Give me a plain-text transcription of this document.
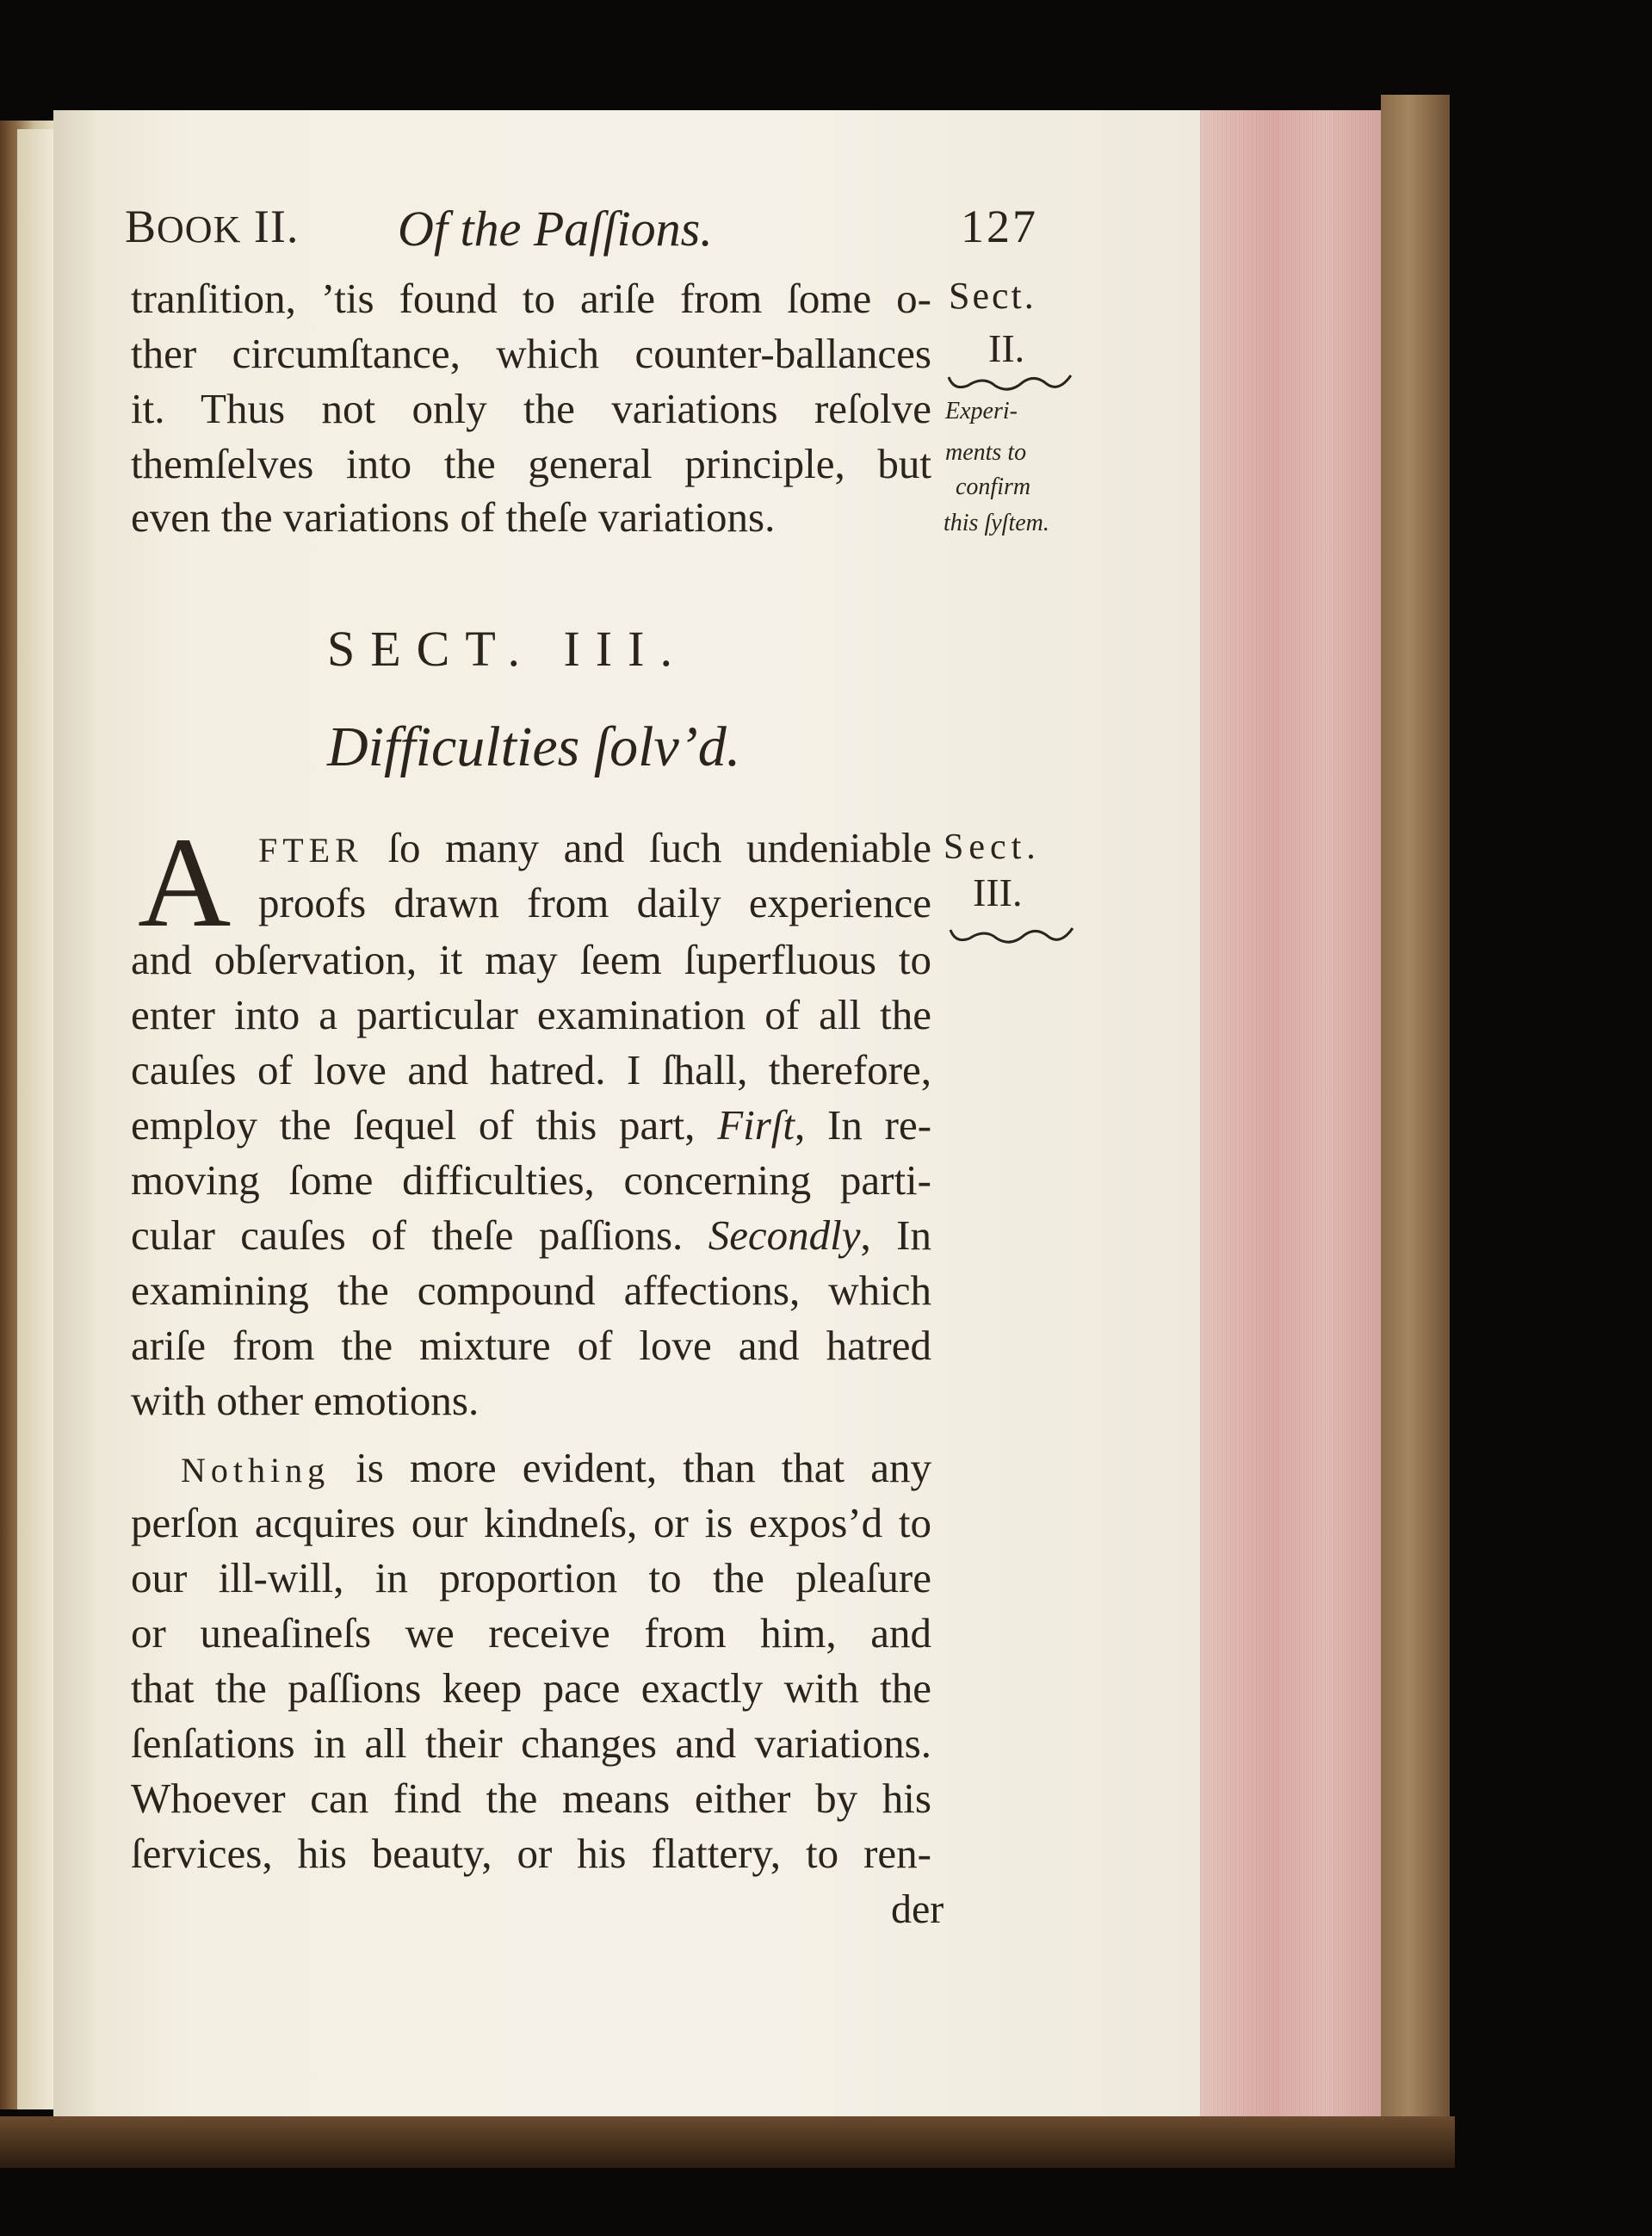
BOOK II. Of the Paſſions.	127
tranſition, ’tis found to ariſe from ſome o-
ther circumſtance, which counter-ballances
it. Thus not only the variations reſolve
themſelves into the general principle, but
even the variations of theſe variations.
Sect.
II.
Experi-
ments to
confirm
this ſyſtem.
SECT. III.
Difficulties ſolv’d.
A FTER ſo many and ſuch undeniable
proofs drawn from daily experience
and obſervation, it may ſeem ſuperfluous to
enter into a particular examination of all the
cauſes of love and hatred. I ſhall, therefore,
employ the ſequel of this part, Firſt, In re-
moving ſome difficulties, concerning parti-
cular cauſes of theſe paſſions. Secondly, In
examining the compound affections, which
ariſe from the mixture of love and hatred
with other emotions.
Sect.
III.
Nothing is more evident, than that any
perſon acquires our kindneſs, or is expos’d to
our ill-will, in proportion to the pleaſure
or uneaſineſs we receive from him, and
that the paſſions keep pace exactly with the
ſenſations in all their changes and variations.
Whoever can find the means either by his
ſervices, his beauty, or his flattery, to ren-
der
